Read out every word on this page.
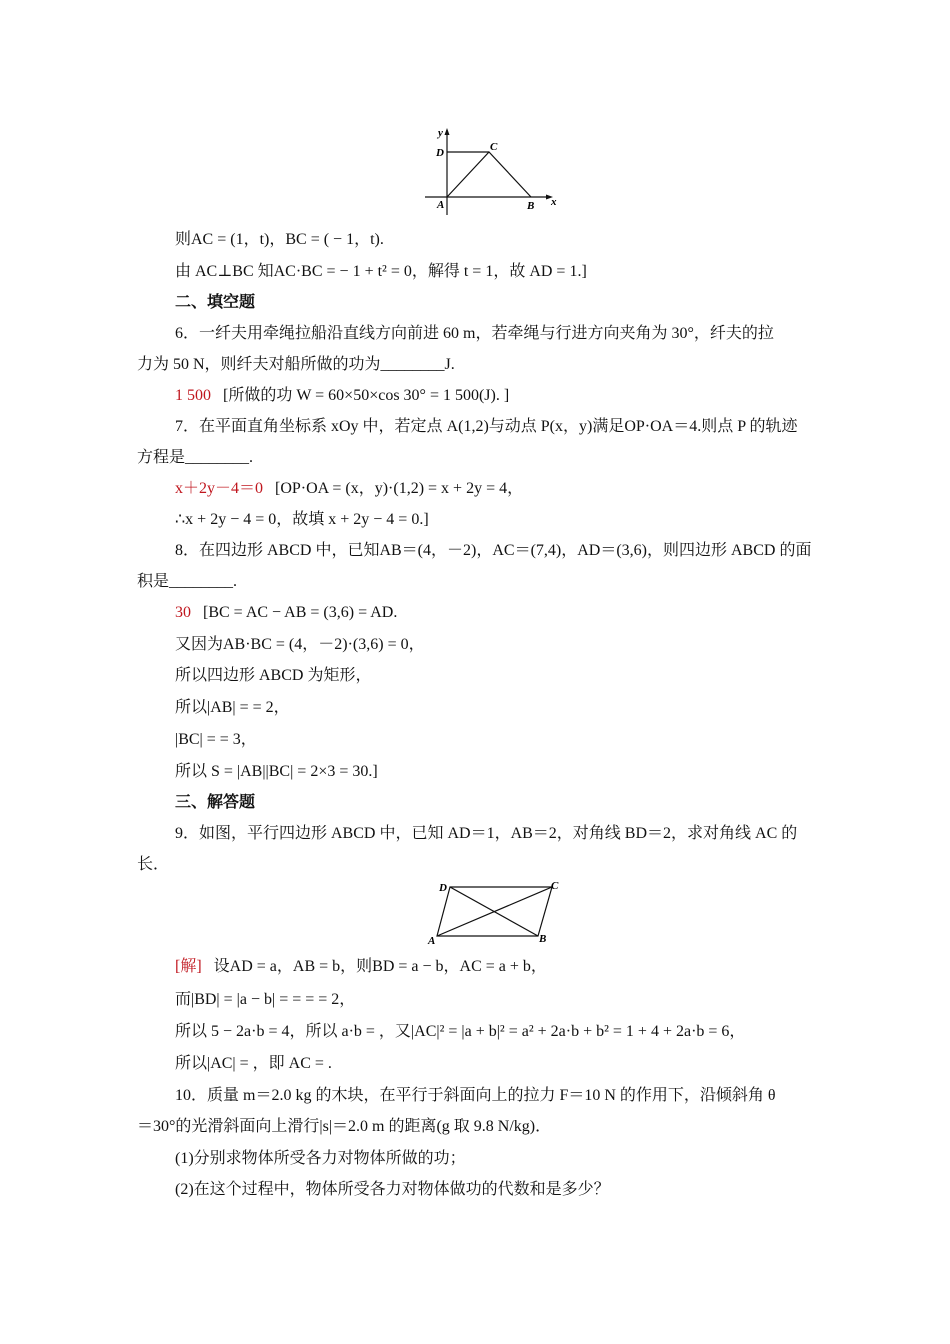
y
x
D	C
A	B
则AC = (1，t)，BC = ( − 1，t).
由 AC⊥BC 知AC·BC = − 1 + t² = 0，解得 t = 1，故 AD = 1.]
二、填空题
6．一纤夫用牵绳拉船沿直线方向前进 60 m，若牵绳与行进方向夹角为 30°，纤夫的拉
力为 50 N，则纤夫对船所做的功为________J.
1 500 [所做的功 W = 60×50×cos 30° = 1 500(J). ]
7．在平面直角坐标系 xOy 中，若定点 A(1,2)与动点 P(x，y)满足OP·OA＝4.则点 P 的轨迹
方程是________.
x＋2y－4＝0 [OP·OA = (x，y)·(1,2) = x + 2y = 4，
∴x + 2y − 4 = 0，故填 x + 2y − 4 = 0.]
8．在四边形 ABCD 中，已知AB＝(4，－2)，AC＝(7,4)，AD＝(3,6)，则四边形 ABCD 的面
积是________.
30 [BC = AC − AB = (3,6) = AD.
又因为AB·BC = (4，－2)·(3,6) = 0，
所以四边形 ABCD 为矩形，
所以|AB| = = 2，
|BC| = = 3，
所以 S = |AB||BC| = 2×3 = 30.]
三、解答题
9．如图，平行四边形 ABCD 中，已知 AD＝1，AB＝2，对角线 BD＝2，求对角线 AC 的
长．
D	C
A	B
[解] 设AD = a，AB = b，则BD = a − b，AC = a + b，
而|BD| = |a − b| = = = = 2，
所以 5 − 2a·b = 4，所以 a·b = ，又|AC|² = |a + b|² = a² + 2a·b + b² = 1 + 4 + 2a·b = 6，
所以|AC| = ，即 AC = .
10．质量 m＝2.0 kg 的木块，在平行于斜面向上的拉力 F＝10 N 的作用下，沿倾斜角 θ
＝30°的光滑斜面向上滑行|s|＝2.0 m 的距离(g 取 9.8 N/kg)．
(1)分别求物体所受各力对物体所做的功；
(2)在这个过程中，物体所受各力对物体做功的代数和是多少？
